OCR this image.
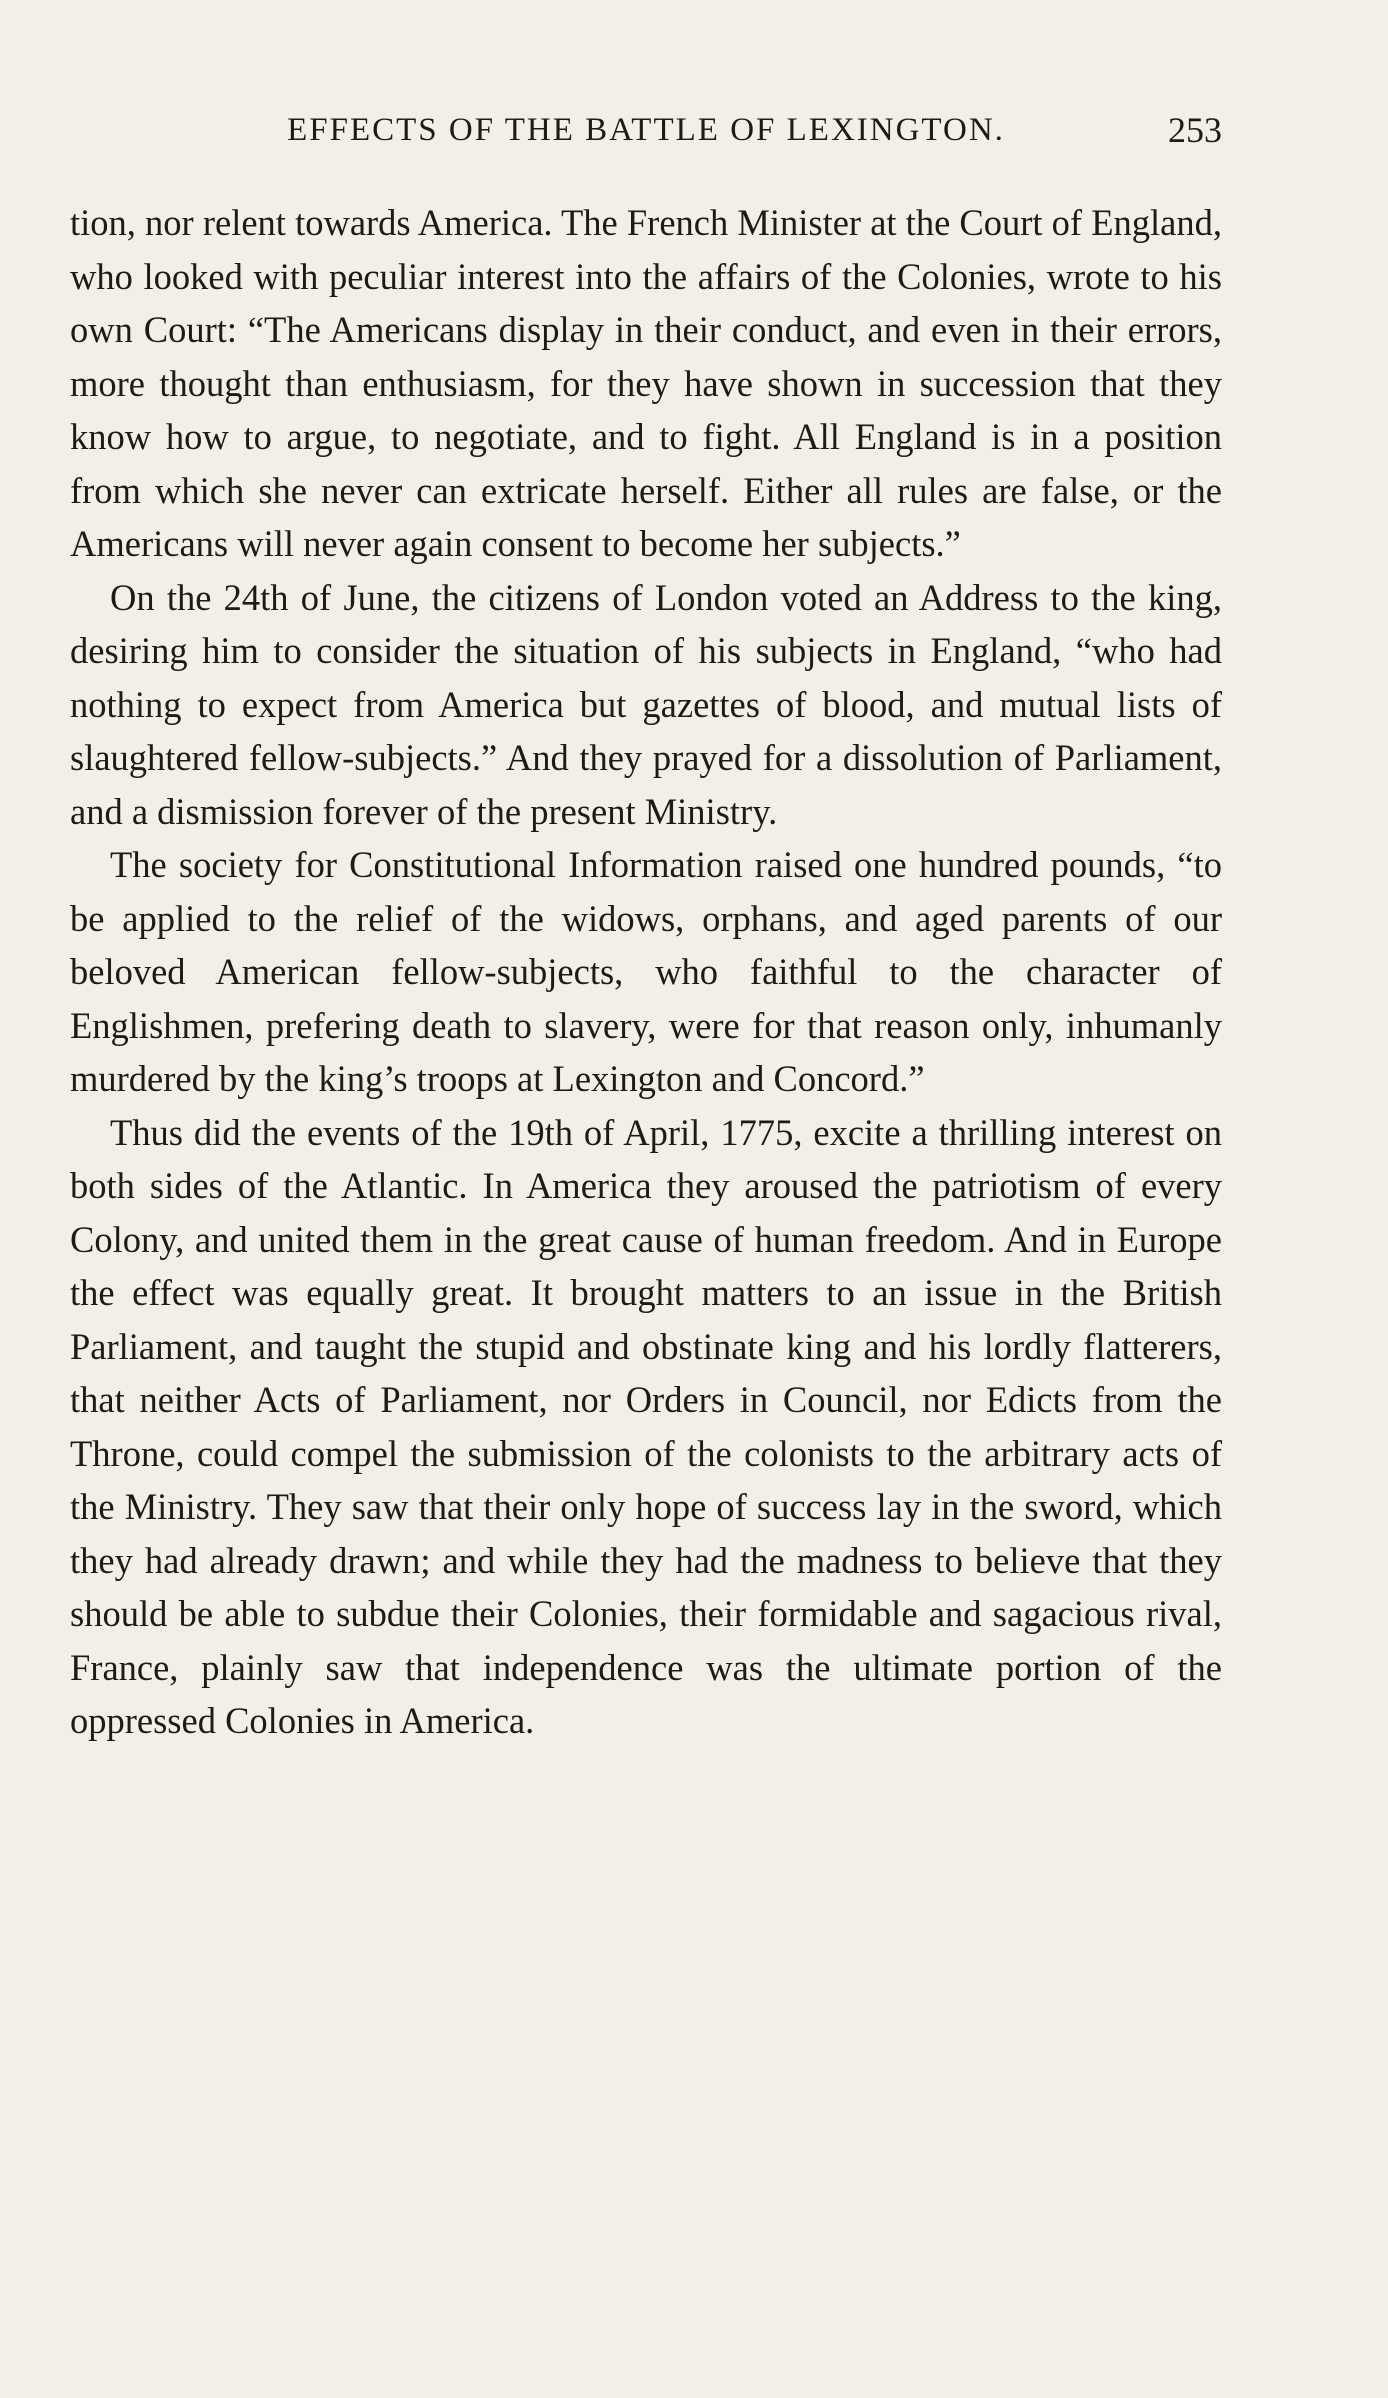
EFFECTS OF THE BATTLE OF LEXINGTON.	253

tion, nor relent towards America. The French Minister at the Court of England, who looked with peculiar interest into the affairs of the Colonies, wrote to his own Court: “The Americans display in their conduct, and even in their errors, more thought than enthusiasm, for they have shown in succession that they know how to argue, to negotiate, and to fight. All England is in a position from which she never can extricate herself. Either all rules are false, or the Americans will never again consent to become her subjects.”

On the 24th of June, the citizens of London voted an Address to the king, desiring him to consider the situation of his subjects in England, “who had nothing to expect from America but gazettes of blood, and mutual lists of slaughtered fellow-subjects.” And they prayed for a dissolution of Parliament, and a dismission forever of the present Ministry.

The society for Constitutional Information raised one hundred pounds, “to be applied to the relief of the widows, orphans, and aged parents of our beloved American fellow-subjects, who faithful to the character of Englishmen, prefering death to slavery, were for that reason only, inhumanly murdered by the king’s troops at Lexington and Concord.”

Thus did the events of the 19th of April, 1775, excite a thrilling interest on both sides of the Atlantic. In America they aroused the patriotism of every Colony, and united them in the great cause of human freedom. And in Europe the effect was equally great. It brought matters to an issue in the British Parliament, and taught the stupid and obstinate king and his lordly flatterers, that neither Acts of Parliament, nor Orders in Council, nor Edicts from the Throne, could compel the submission of the colonists to the arbitrary acts of the Ministry. They saw that their only hope of success lay in the sword, which they had already drawn; and while they had the madness to believe that they should be able to subdue their Colonies, their formidable and sagacious rival, France, plainly saw that independence was the ultimate portion of the oppressed Colonies in America.
